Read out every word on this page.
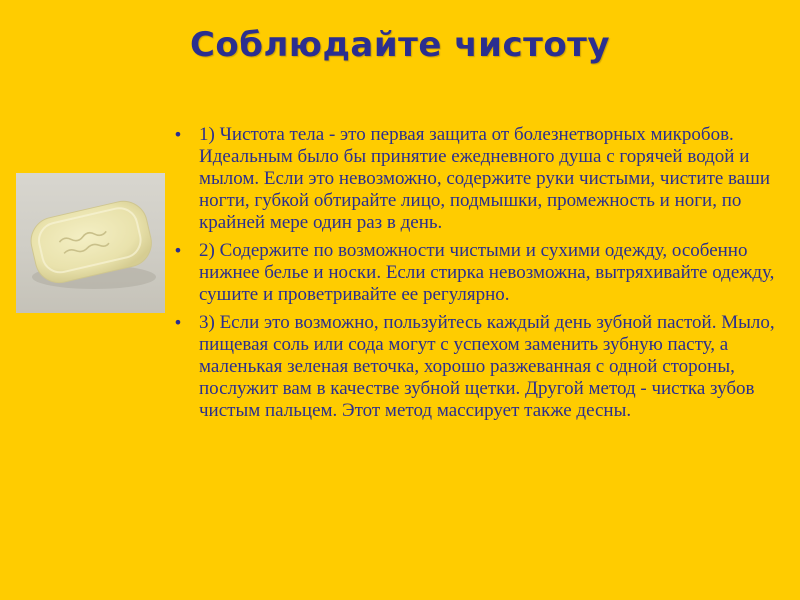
Соблюдайте чистоту
• 1) Чистота тела - это первая защита от болезнетворных микробов. Идеальным было бы принятие ежедневного душа с горячей водой и мылом. Если это невозможно, содержите руки чистыми, чистите ваши ногти, губкой обтирайте лицо, подмышки, промежность и ноги, по крайней мере один раз в день.
• 2) Содержите по возможности чистыми и сухими одежду, особенно нижнее белье и носки. Если стирка невозможна, вытряхивайте одежду, сушите и проветривайте ее регулярно.
• 3) Если это возможно, пользуйтесь каждый день зубной пастой. Мыло, пищевая соль или сода могут с успехом заменить зубную пасту, а маленькая зеленая веточка, хорошо разжеванная с одной стороны, послужит вам в качестве зубной щетки. Другой метод - чистка зубов чистым пальцем. Этот метод массирует также десны.
